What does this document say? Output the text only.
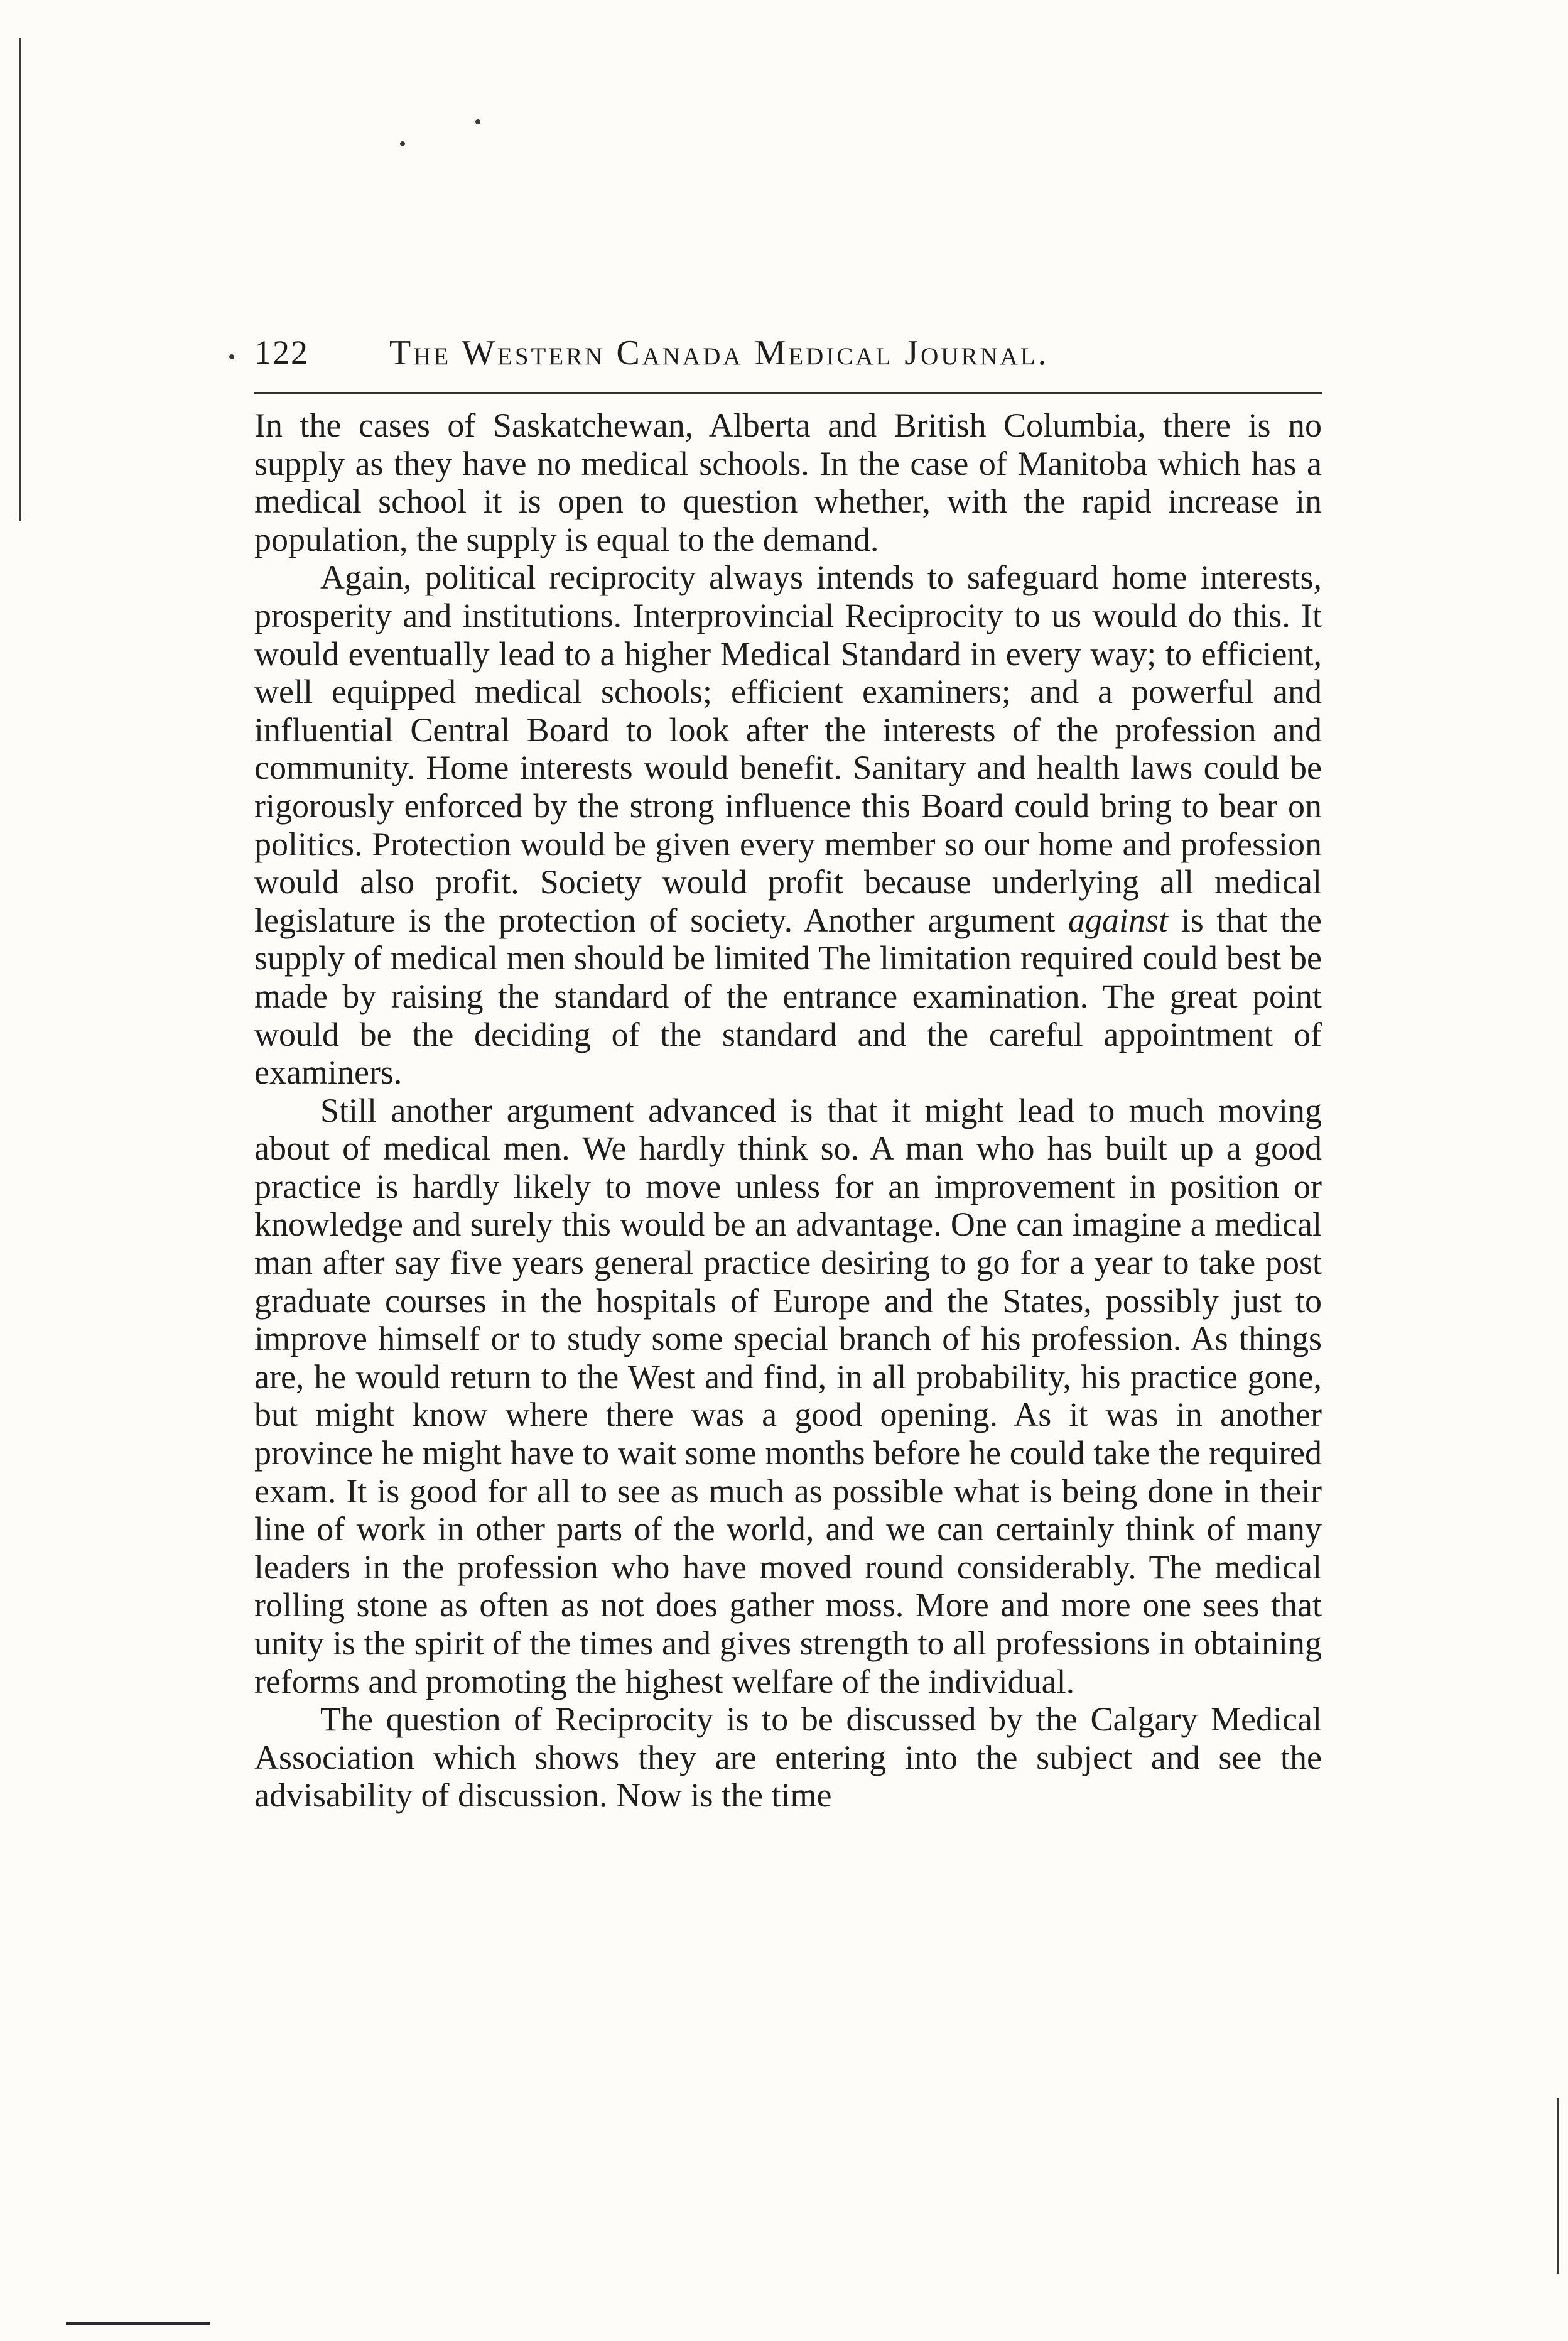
122 The Western Canada Medical Journal.

In the cases of Saskatchewan, Alberta and British Columbia, there is no supply as they have no medical schools. In the case of Manitoba which has a medical school it is open to question whether, with the rapid increase in population, the supply is equal to the demand.

Again, political reciprocity always intends to safeguard home interests, prosperity and institutions. Interprovincial Reciprocity to us would do this. It would eventually lead to a higher Medical Standard in every way; to efficient, well equipped medical schools; efficient examiners; and a powerful and influential Central Board to look after the interests of the profession and community. Home interests would benefit. Sanitary and health laws could be rigorously enforced by the strong influence this Board could bring to bear on politics. Protection would be given every member so our home and profession would also profit. Society would profit because underlying all medical legislature is the protection of society. Another argument against is that the supply of medical men should be limited The limitation required could best be made by raising the standard of the entrance examination. The great point would be the deciding of the standard and the careful appointment of examiners.

Still another argument advanced is that it might lead to much moving about of medical men. We hardly think so. A man who has built up a good practice is hardly likely to move unless for an improvement in position or knowledge and surely this would be an advantage. One can imagine a medical man after say five years general practice desiring to go for a year to take post graduate courses in the hospitals of Europe and the States, possibly just to improve himself or to study some special branch of his profession. As things are, he would return to the West and find, in all probability, his practice gone, but might know where there was a good opening. As it was in another province he might have to wait some months before he could take the required exam. It is good for all to see as much as possible what is being done in their line of work in other parts of the world, and we can certainly think of many leaders in the profession who have moved round considerably. The medical rolling stone as often as not does gather moss. More and more one sees that unity is the spirit of the times and gives strength to all professions in obtaining reforms and promoting the highest welfare of the individual.

The question of Reciprocity is to be discussed by the Calgary Medical Association which shows they are entering into the subject and see the advisability of discussion. Now is the time
